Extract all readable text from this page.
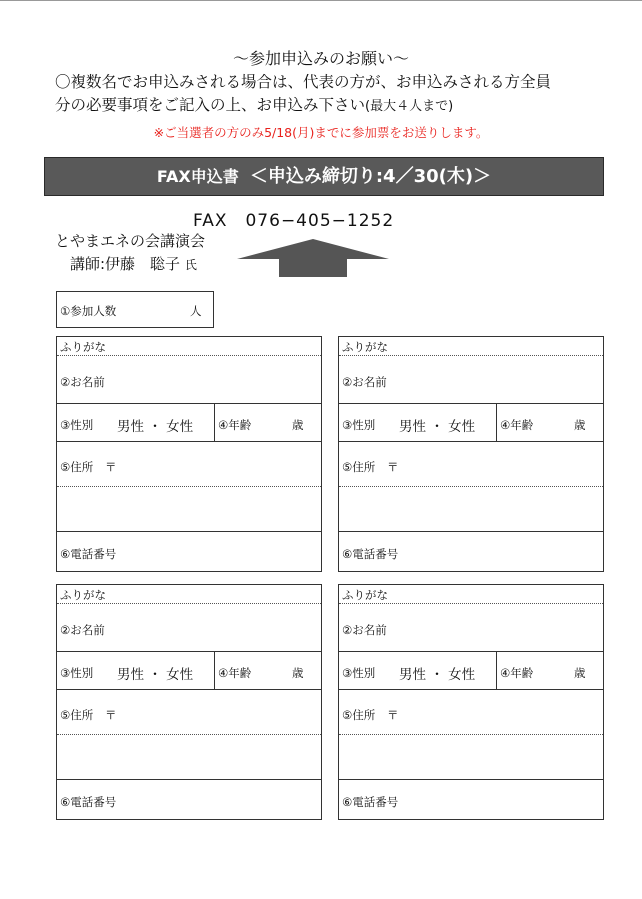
〜参加申込みのお願い〜
〇複数名でお申込みされる場合は、代表の方が、お申込みされる方全員
分の必要事項をご記入の上、お申込み下さい(最大４人まで)
※ご当選者の方のみ5/18(月)までに参加票をお送りします。
FAX申込書 ＜申込み締切り:4／30(木)＞
FAX　076−405−1252
とやまエネの会講演会
講師:伊藤　聡子 氏
①参加人数	人
ふりがな
②お名前
③性別 男性 ・ 女性 ④年齢	歳
⑤住所 〒
⑥電話番号
ふりがな
②お名前
③性別 男性 ・ 女性 ④年齢	歳
⑤住所 〒
⑥電話番号
ふりがな
②お名前
③性別 男性 ・ 女性 ④年齢	歳
⑤住所 〒
⑥電話番号
ふりがな
②お名前
③性別 男性 ・ 女性 ④年齢	歳
⑤住所 〒
⑥電話番号
